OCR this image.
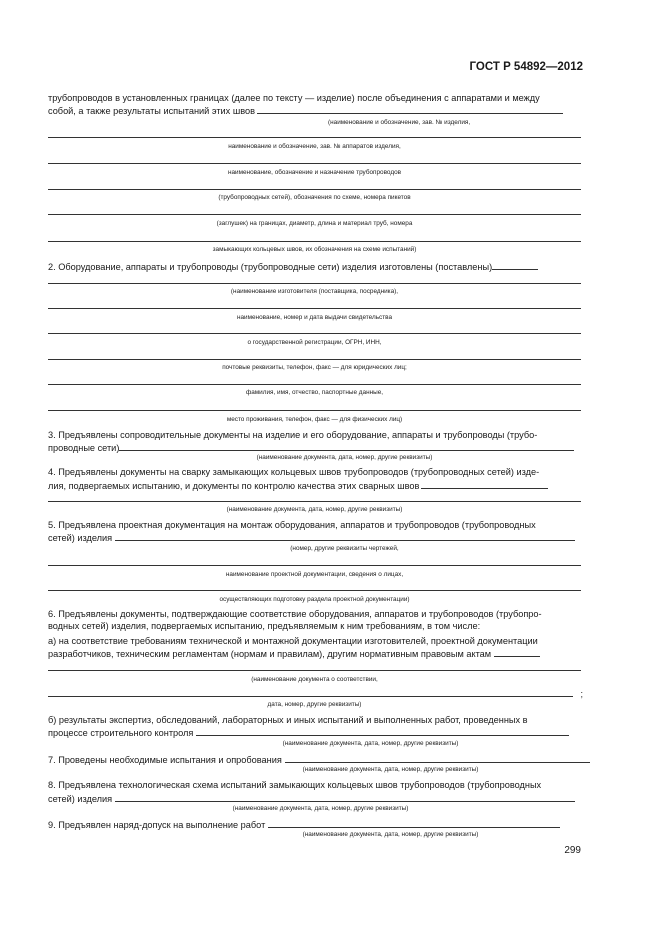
ГОСТ Р 54892—2012
трубопроводов в установленных границах (далее по тексту — изделие) после объединения с аппаратами и между
собой, а также результаты испытаний этих швов
(наименование и обозначение, зав. № изделия,
наименование и обозначение, зав. № аппаратов изделия,
наименование, обозначение и назначение трубопроводов
(трубопроводных сетей), обозначения по схеме, номера пикетов
(заглушек) на границах, диаметр, длина и материал труб, номера
замыкающих кольцевых швов, их обозначения на схеме испытаний)
2. Оборудование, аппараты и трубопроводы (трубопроводные сети) изделия изготовлены (поставлены)
(наименование изготовителя (поставщика, посредника),
наименование, номер и дата выдачи свидетельства
о государственной регистрации, ОГРН, ИНН,
почтовые реквизиты, телефон, факс — для юридических лиц;
фамилия, имя, отчество, паспортные данные,
место проживания, телефон, факс — для физических лиц)
3. Предъявлены сопроводительные документы на изделие и его оборудование, аппараты и трубопроводы (трубо-
проводные сети)
(наименование документа, дата, номер, другие реквизиты)
4. Предъявлены документы на сварку замыкающих кольцевых швов трубопроводов (трубопроводных сетей) изде-
лия, подвергаемых испытанию, и документы по контролю качества этих сварных швов
(наименование документа, дата, номер, другие реквизиты)
5. Предъявлена проектная документация на монтаж оборудования, аппаратов и трубопроводов (трубопроводных
сетей) изделия
(номер, другие реквизиты чертежей,
наименование проектной документации, сведения о лицах,
осуществляющих подготовку раздела проектной документации)
6. Предъявлены документы, подтверждающие соответствие оборудования, аппаратов и трубопроводов (трубопро-
водных сетей) изделия, подвергаемых испытанию, предъявляемым к ним требованиям, в том числе:
а) на соответствие требованиям технической и монтажной документации изготовителей, проектной документации
разработчиков, техническим регламентам (нормам и правилам), другим нормативным правовым актам
(наименование документа о соответствии,
;
дата, номер, другие реквизиты)
б) результаты экспертиз, обследований, лабораторных и иных испытаний и выполненных работ, проведенных в
процессе строительного контроля
(наименование документа, дата, номер, другие реквизиты)
7. Проведены необходимые испытания и опробования
(наименование документа, дата, номер, другие реквизиты)
8. Предъявлена технологическая схема испытаний замыкающих кольцевых швов трубопроводов (трубопроводных
сетей) изделия
(наименование документа, дата, номер, другие реквизиты)
9. Предъявлен наряд-допуск на выполнение работ
(наименование документа, дата, номер, другие реквизиты)
299
